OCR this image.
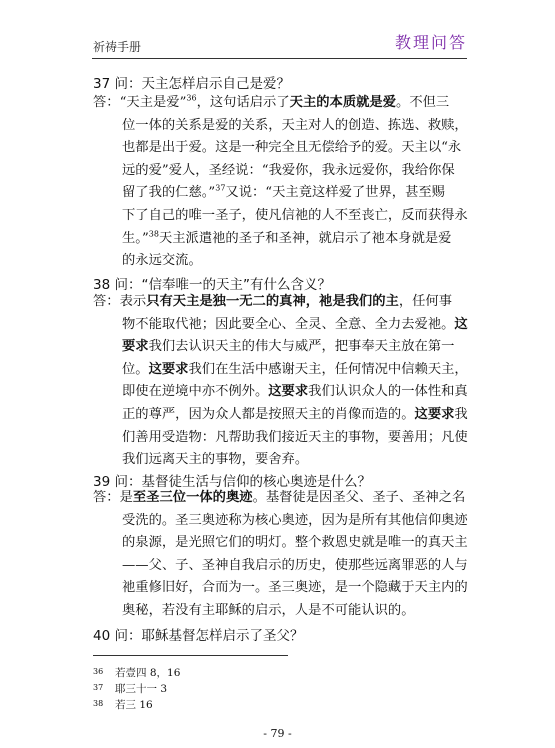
祈祷手册	教理问答
37 问：天主怎样启示自己是爱？
答：“天主是爱”$^{36}$，这句话启示了天主的本质就是爱。不但三
位一体的关系是爱的关系，天主对人的创造、拣选、救赎，
也都是出于爱。这是一种完全且无偿给予的爱。天主以“永
远的爱”爱人，圣经说：“我爱你，我永远爱你，我给你保
留了我的仁慈。”$^{37}$又说：“天主竟这样爱了世界，甚至赐
下了自己的唯一圣子，使凡信祂的人不至丧亡，反而获得永
生。”$^{38}$天主派遣祂的圣子和圣神，就启示了祂本身就是爱
的永远交流。
38 问：“信奉唯一的天主”有什么含义？
答：表示只有天主是独一无二的真神，祂是我们的主，任何事
物不能取代祂；因此要全心、全灵、全意、全力去爱祂。这
要求我们去认识天主的伟大与威严，把事奉天主放在第一
位。这要求我们在生活中感谢天主，任何情况中信赖天主，
即使在逆境中亦不例外。这要求我们认识众人的一体性和真
正的尊严，因为众人都是按照天主的肖像而造的。这要求我
们善用受造物：凡帮助我们接近天主的事物，要善用；凡使
我们远离天主的事物，要舍弃。
39 问：基督徒生活与信仰的核心奥迹是什么？
答：是至圣三位一体的奥迹。基督徒是因圣父、圣子、圣神之名
受洗的。圣三奥迹称为核心奥迹，因为是所有其他信仰奥迹
的泉源，是光照它们的明灯。整个救恩史就是唯一的真天主
——父、子、圣神自我启示的历史，使那些远离罪恶的人与
祂重修旧好，合而为一。圣三奥迹，是一个隐藏于天主内的
奥秘，若没有主耶稣的启示，人是不可能认识的。
40 问：耶稣基督怎样启示了圣父？
36 若壹四 8，16
37 耶三十一 3
38 若三 16
- 79 -
